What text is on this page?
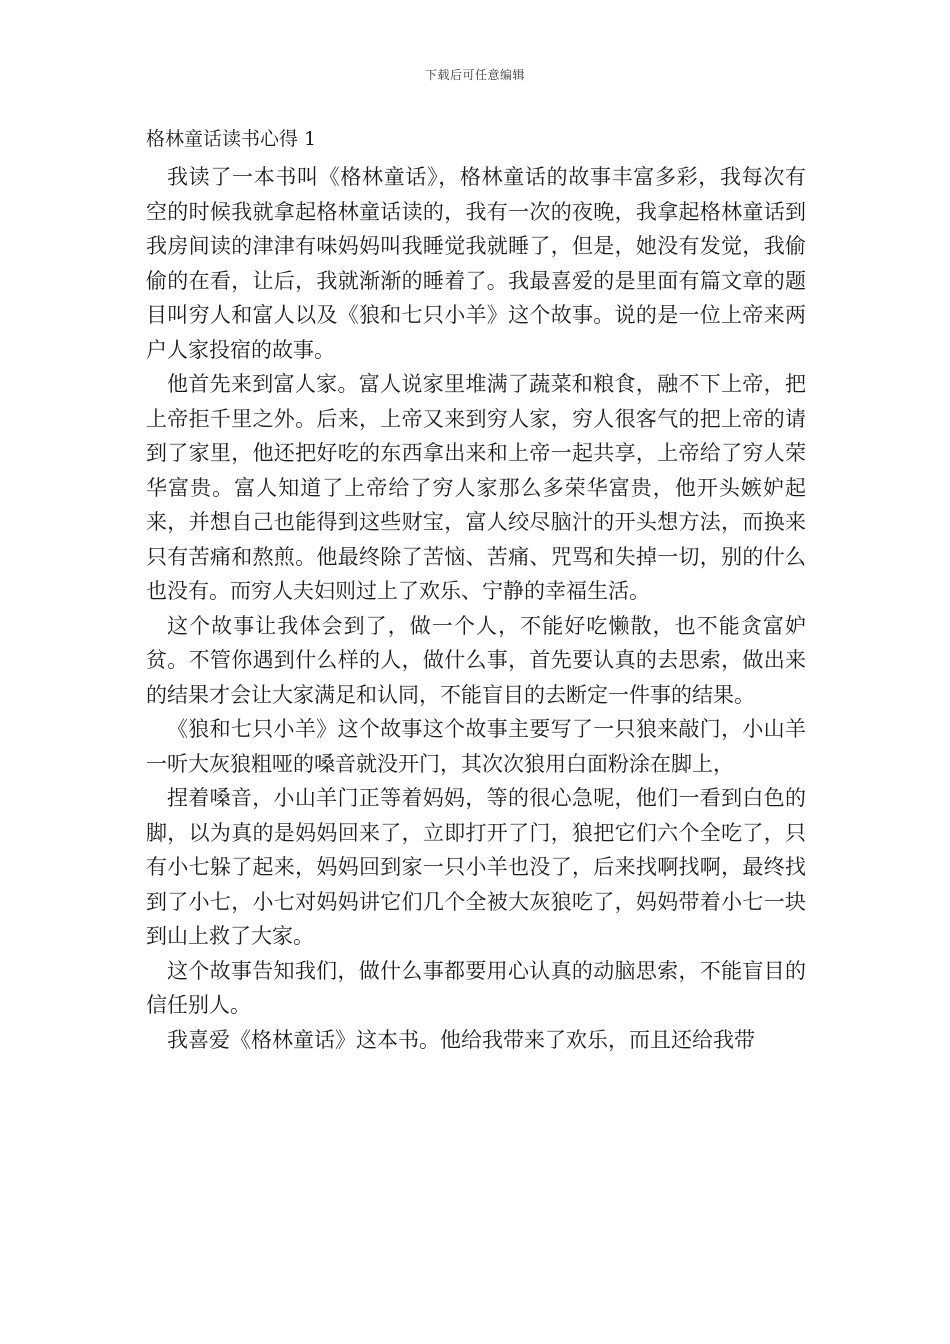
下载后可任意编辑
格林童话读书心得 1

我读了一本书叫《格林童话》，格林童话的故事丰富多彩，我每次有空的时候我就拿起格林童话读的，我有一次的夜晚，我拿起格林童话到我房间读的津津有味妈妈叫我睡觉我就睡了，但是，她没有发觉，我偷偷的在看，让后，我就渐渐的睡着了。我最喜爱的是里面有篇文章的题目叫穷人和富人以及《狼和七只小羊》这个故事。说的是一位上帝来两户人家投宿的故事。

他首先来到富人家。富人说家里堆满了蔬菜和粮食，融不下上帝，把上帝拒千里之外。后来，上帝又来到穷人家，穷人很客气的把上帝的请到了家里，他还把好吃的东西拿出来和上帝一起共享，上帝给了穷人荣华富贵。富人知道了上帝给了穷人家那么多荣华富贵，他开头嫉妒起来，并想自己也能得到这些财宝，富人绞尽脑汁的开头想方法，而换来只有苦痛和熬煎。他最终除了苦恼、苦痛、咒骂和失掉一切，别的什么也没有。而穷人夫妇则过上了欢乐、宁静的幸福生活。

这个故事让我体会到了，做一个人，不能好吃懒散，也不能贪富妒贫。不管你遇到什么样的人，做什么事，首先要认真的去思索，做出来的结果才会让大家满足和认同，不能盲目的去断定一件事的结果。

《狼和七只小羊》这个故事这个故事主要写了一只狼来敲门，小山羊一听大灰狼粗哑的嗓音就没开门，其次次狼用白面粉涂在脚上，

捏着嗓音，小山羊门正等着妈妈，等的很心急呢，他们一看到白色的脚，以为真的是妈妈回来了，立即打开了门，狼把它们六个全吃了，只有小七躲了起来，妈妈回到家一只小羊也没了，后来找啊找啊，最终找到了小七，小七对妈妈讲它们几个全被大灰狼吃了，妈妈带着小七一块到山上救了大家。

这个故事告知我们，做什么事都要用心认真的动脑思索，不能盲目的信任别人。

我喜爱《格林童话》这本书。他给我带来了欢乐，而且还给我带
